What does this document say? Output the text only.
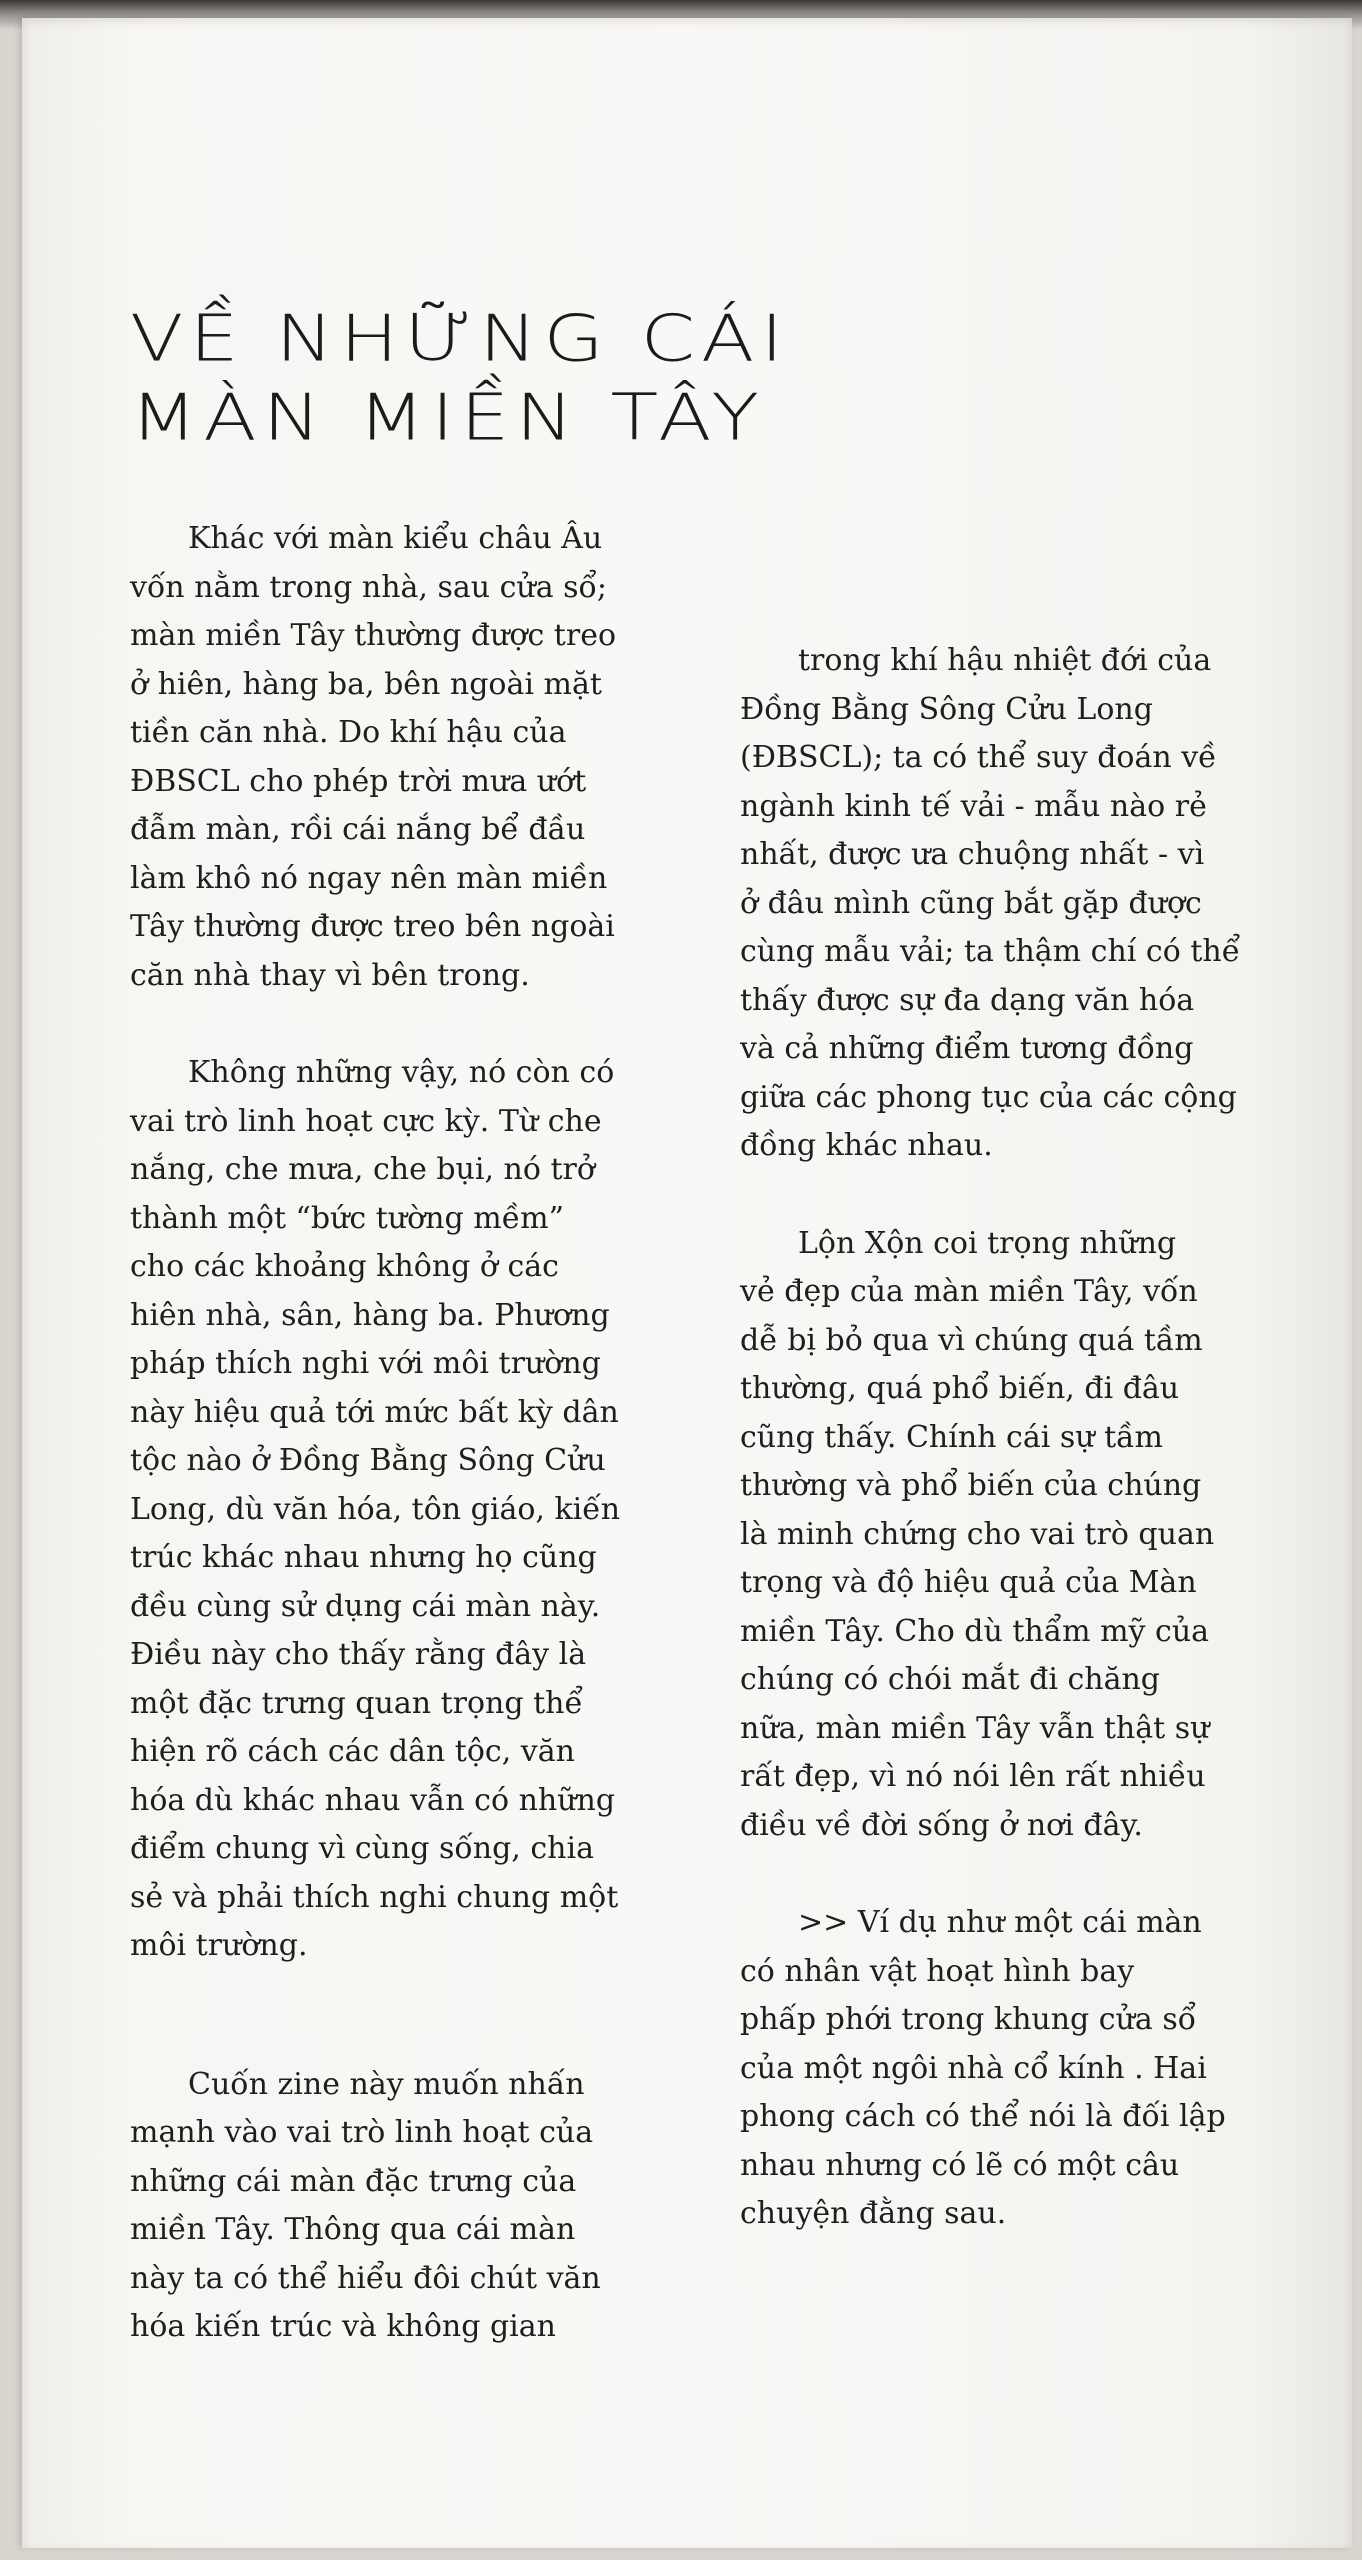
VỀ NHỮNG CÁI
MÀN MIỀN TÂY
Khác với màn kiểu châu Âu
vốn nằm trong nhà, sau cửa sổ;
màn miền Tây thường được treo
ở hiên, hàng ba, bên ngoài mặt
tiền căn nhà. Do khí hậu của
ĐBSCL cho phép trời mưa ướt
đẫm màn, rồi cái nắng bể đầu
làm khô nó ngay nên màn miền
Tây thường được treo bên ngoài
căn nhà thay vì bên trong.
Không những vậy, nó còn có
vai trò linh hoạt cực kỳ. Từ che
nắng, che mưa, che bụi, nó trở
thành một “bức tường mềm”
cho các khoảng không ở các
hiên nhà, sân, hàng ba. Phương
pháp thích nghi với môi trường
này hiệu quả tới mức bất kỳ dân
tộc nào ở Đồng Bằng Sông Cửu
Long, dù văn hóa, tôn giáo, kiến
trúc khác nhau nhưng họ cũng
đều cùng sử dụng cái màn này.
Điều này cho thấy rằng đây là
một đặc trưng quan trọng thể
hiện rõ cách các dân tộc, văn
hóa dù khác nhau vẫn có những
điểm chung vì cùng sống, chia
sẻ và phải thích nghi chung một
môi trường.
Cuốn zine này muốn nhấn
mạnh vào vai trò linh hoạt của
những cái màn đặc trưng của
miền Tây. Thông qua cái màn
này ta có thể hiểu đôi chút văn
hóa kiến trúc và không gian
trong khí hậu nhiệt đới của
Đồng Bằng Sông Cửu Long
(ĐBSCL); ta có thể suy đoán về
ngành kinh tế vải - mẫu nào rẻ
nhất, được ưa chuộng nhất - vì
ở đâu mình cũng bắt gặp được
cùng mẫu vải; ta thậm chí có thể
thấy được sự đa dạng văn hóa
và cả những điểm tương đồng
giữa các phong tục của các cộng
đồng khác nhau.
Lộn Xộn coi trọng những
vẻ đẹp của màn miền Tây, vốn
dễ bị bỏ qua vì chúng quá tầm
thường, quá phổ biến, đi đâu
cũng thấy. Chính cái sự tầm
thường và phổ biến của chúng
là minh chứng cho vai trò quan
trọng và độ hiệu quả của Màn
miền Tây. Cho dù thẩm mỹ của
chúng có chói mắt đi chăng
nữa, màn miền Tây vẫn thật sự
rất đẹp, vì nó nói lên rất nhiều
điều về đời sống ở nơi đây.
>> Ví dụ như một cái màn
có nhân vật hoạt hình bay
phấp phới trong khung cửa sổ
của một ngôi nhà cổ kính . Hai
phong cách có thể nói là đối lập
nhau nhưng có lẽ có một câu
chuyện đằng sau.
